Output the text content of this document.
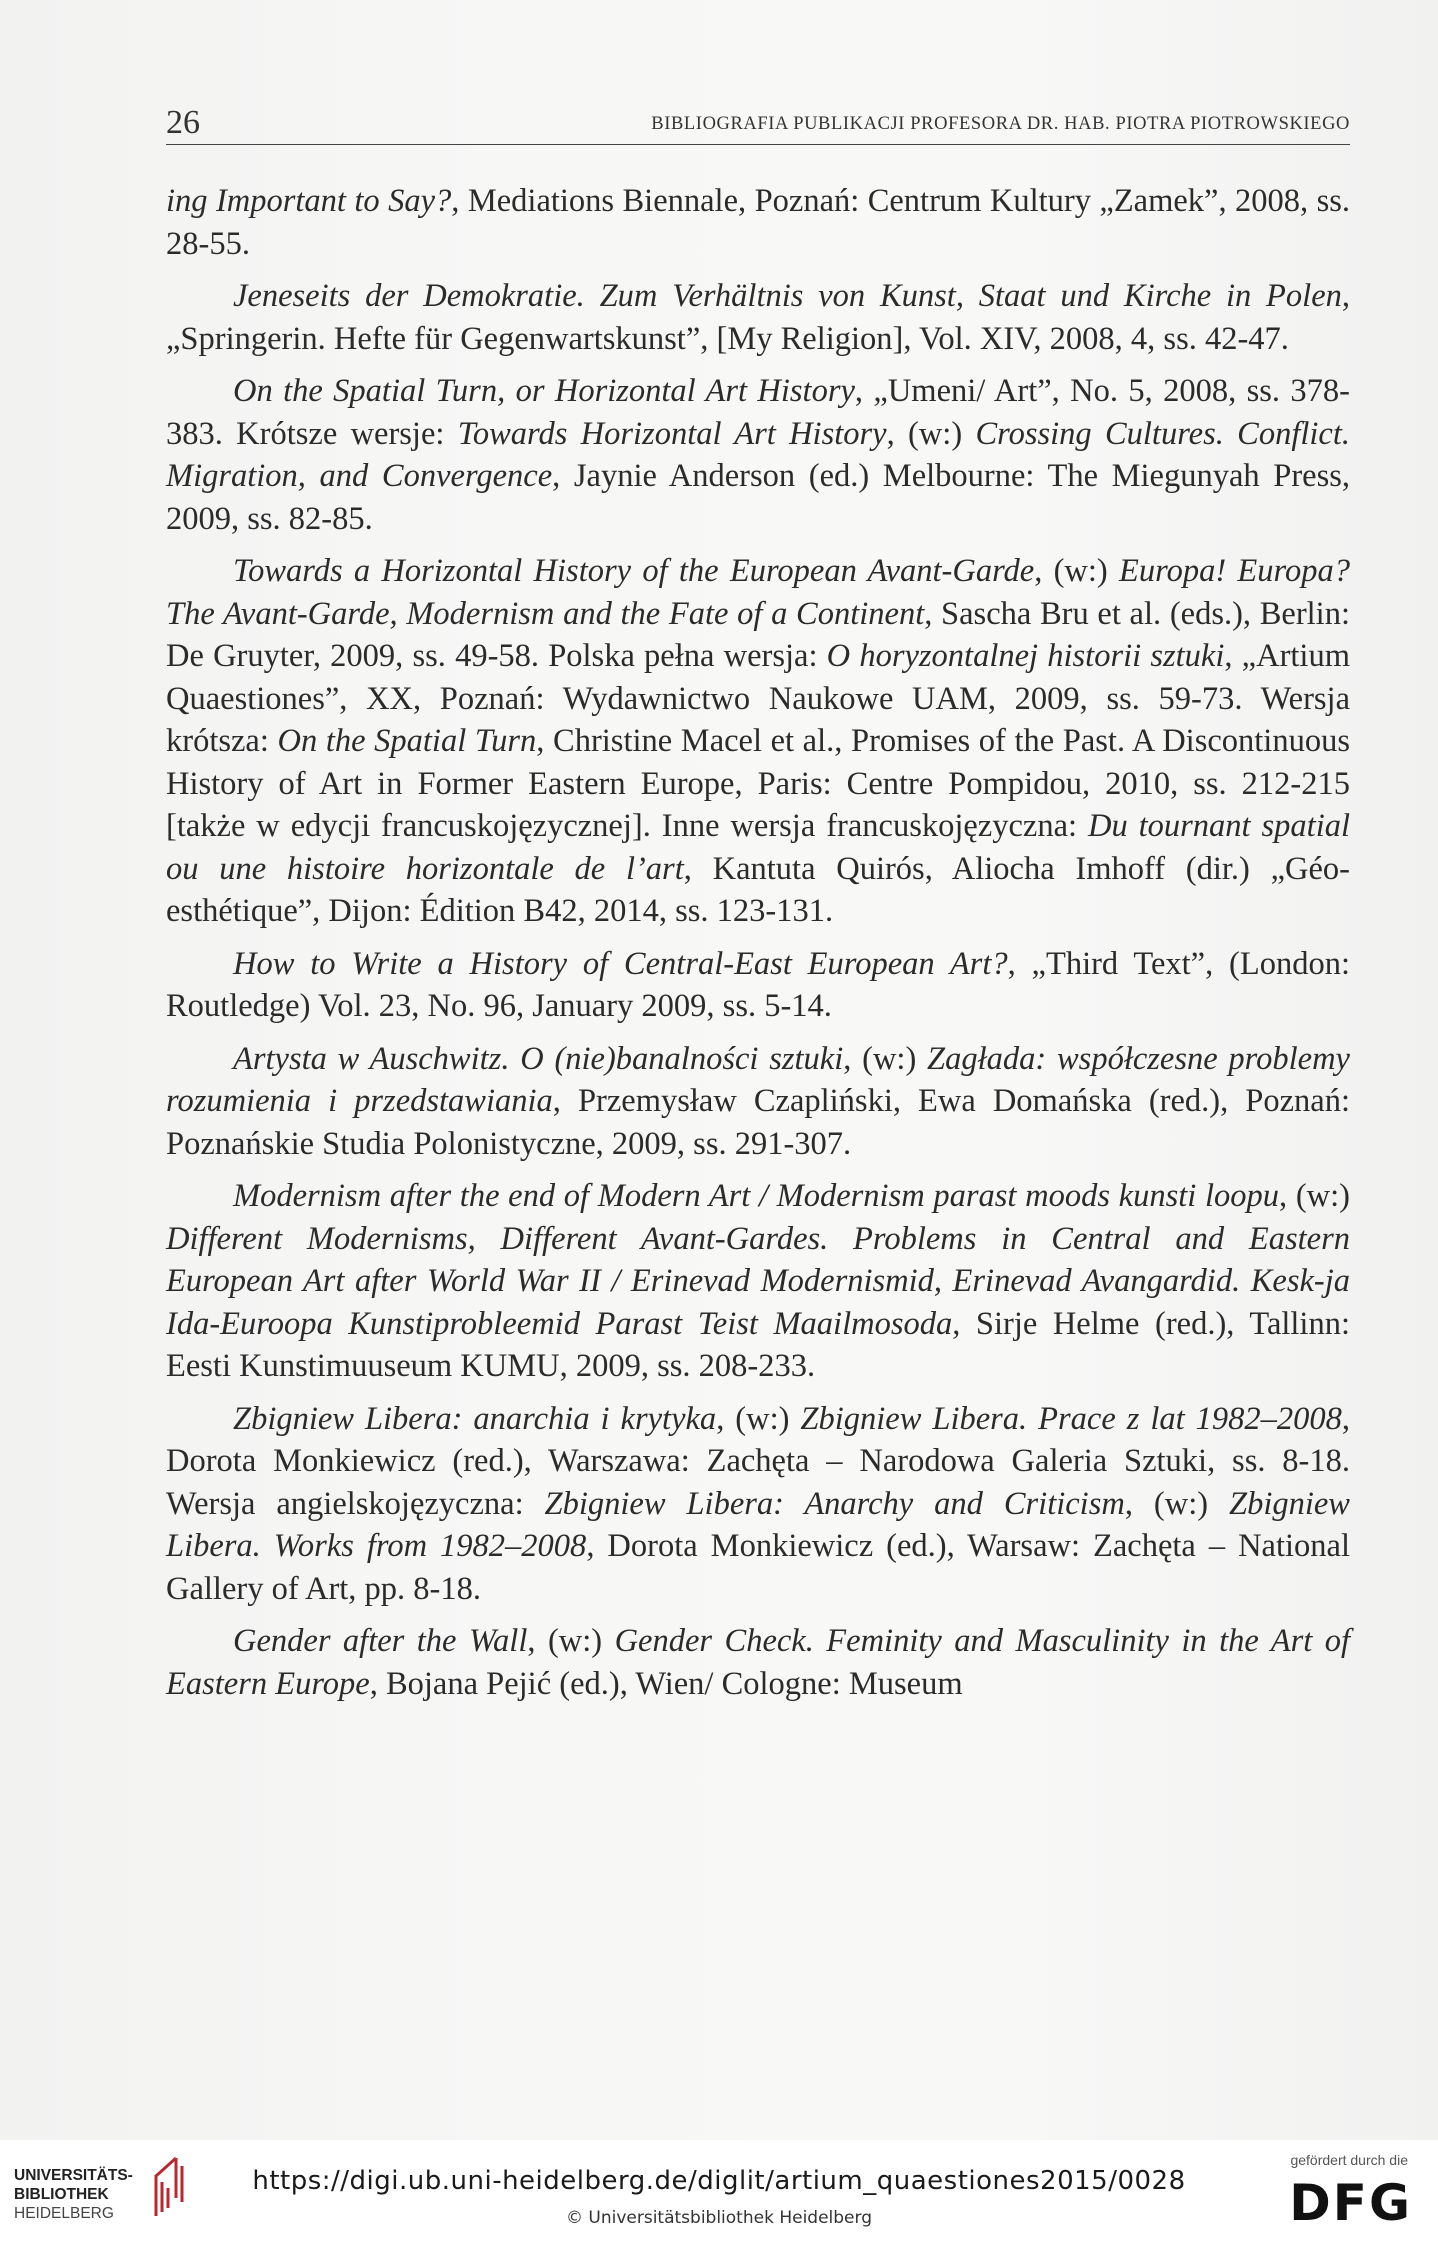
26	BIBLIOGRAFIA PUBLIKACJI PROFESORA DR. HAB. PIOTRA PIOTROWSKIEGO

ing Important to Say?, Mediations Biennale, Poznań: Centrum Kultury „Zamek”, 2008, ss. 28-55.

Jeneseits der Demokratie. Zum Verhältnis von Kunst, Staat und Kirche in Polen, „Springerin. Hefte für Gegenwartskunst”, [My Religion], Vol. XIV, 2008, 4, ss. 42-47.

On the Spatial Turn, or Horizontal Art History, „Umeni/ Art”, No. 5, 2008, ss. 378-383. Krótsze wersje: Towards Horizontal Art History, (w:) Crossing Cultures. Conflict. Migration, and Convergence, Jaynie Anderson (ed.) Melbourne: The Miegunyah Press, 2009, ss. 82-85.

Towards a Horizontal History of the European Avant-Garde, (w:) Europa! Europa? The Avant-Garde, Modernism and the Fate of a Continent, Sascha Bru et al. (eds.), Berlin: De Gruyter, 2009, ss. 49-58. Polska pełna wersja: O horyzontalnej historii sztuki, „Artium Quaestiones”, XX, Poznań: Wydawnictwo Naukowe UAM, 2009, ss. 59-73. Wersja krótsza: On the Spatial Turn, Christine Macel et al., Promises of the Past. A Discontinuous History of Art in Former Eastern Europe, Paris: Centre Pompidou, 2010, ss. 212-215 [także w edycji francuskojęzycznej]. Inne wersja francuskojęzyczna: Du tournant spatial ou une histoire horizontale de l’art, Kantuta Quirós, Aliocha Imhoff (dir.) „Géo-esthétique”, Dijon: Édition B42, 2014, ss. 123-131.

How to Write a History of Central-East European Art?, „Third Text”, (London: Routledge) Vol. 23, No. 96, January 2009, ss. 5-14.

Artysta w Auschwitz. O (nie)banalności sztuki, (w:) Zagłada: współczesne problemy rozumienia i przedstawiania, Przemysław Czapliński, Ewa Domańska (red.), Poznań: Poznańskie Studia Polonistyczne, 2009, ss. 291-307.

Modernism after the end of Modern Art / Modernism parast moods kunsti loopu, (w:) Different Modernisms, Different Avant-Gardes. Problems in Central and Eastern European Art after World War II / Erinevad Modernismid, Erinevad Avangardid. Kesk-ja Ida-Euroopa Kunstiprobleemid Parast Teist Maailmosoda, Sirje Helme (red.), Tallinn: Eesti Kunstimuuseum KUMU, 2009, ss. 208-233.

Zbigniew Libera: anarchia i krytyka, (w:) Zbigniew Libera. Prace z lat 1982–2008, Dorota Monkiewicz (red.), Warszawa: Zachęta – Narodowa Galeria Sztuki, ss. 8-18. Wersja angielskojęzyczna: Zbigniew Libera: Anarchy and Criticism, (w:) Zbigniew Libera. Works from 1982–2008, Dorota Monkiewicz (ed.), Warsaw: Zachęta – National Gallery of Art, pp. 8-18.

Gender after the Wall, (w:) Gender Check. Feminity and Masculinity in the Art of Eastern Europe, Bojana Pejić (ed.), Wien/ Cologne: Museum

UNIVERSITÄTS-
BIBLIOTHEK
HEIDELBERG
https://digi.ub.uni-heidelberg.de/diglit/artium_quaestiones2015/0028
© Universitätsbibliothek Heidelberg
gefördert durch die
DFG
